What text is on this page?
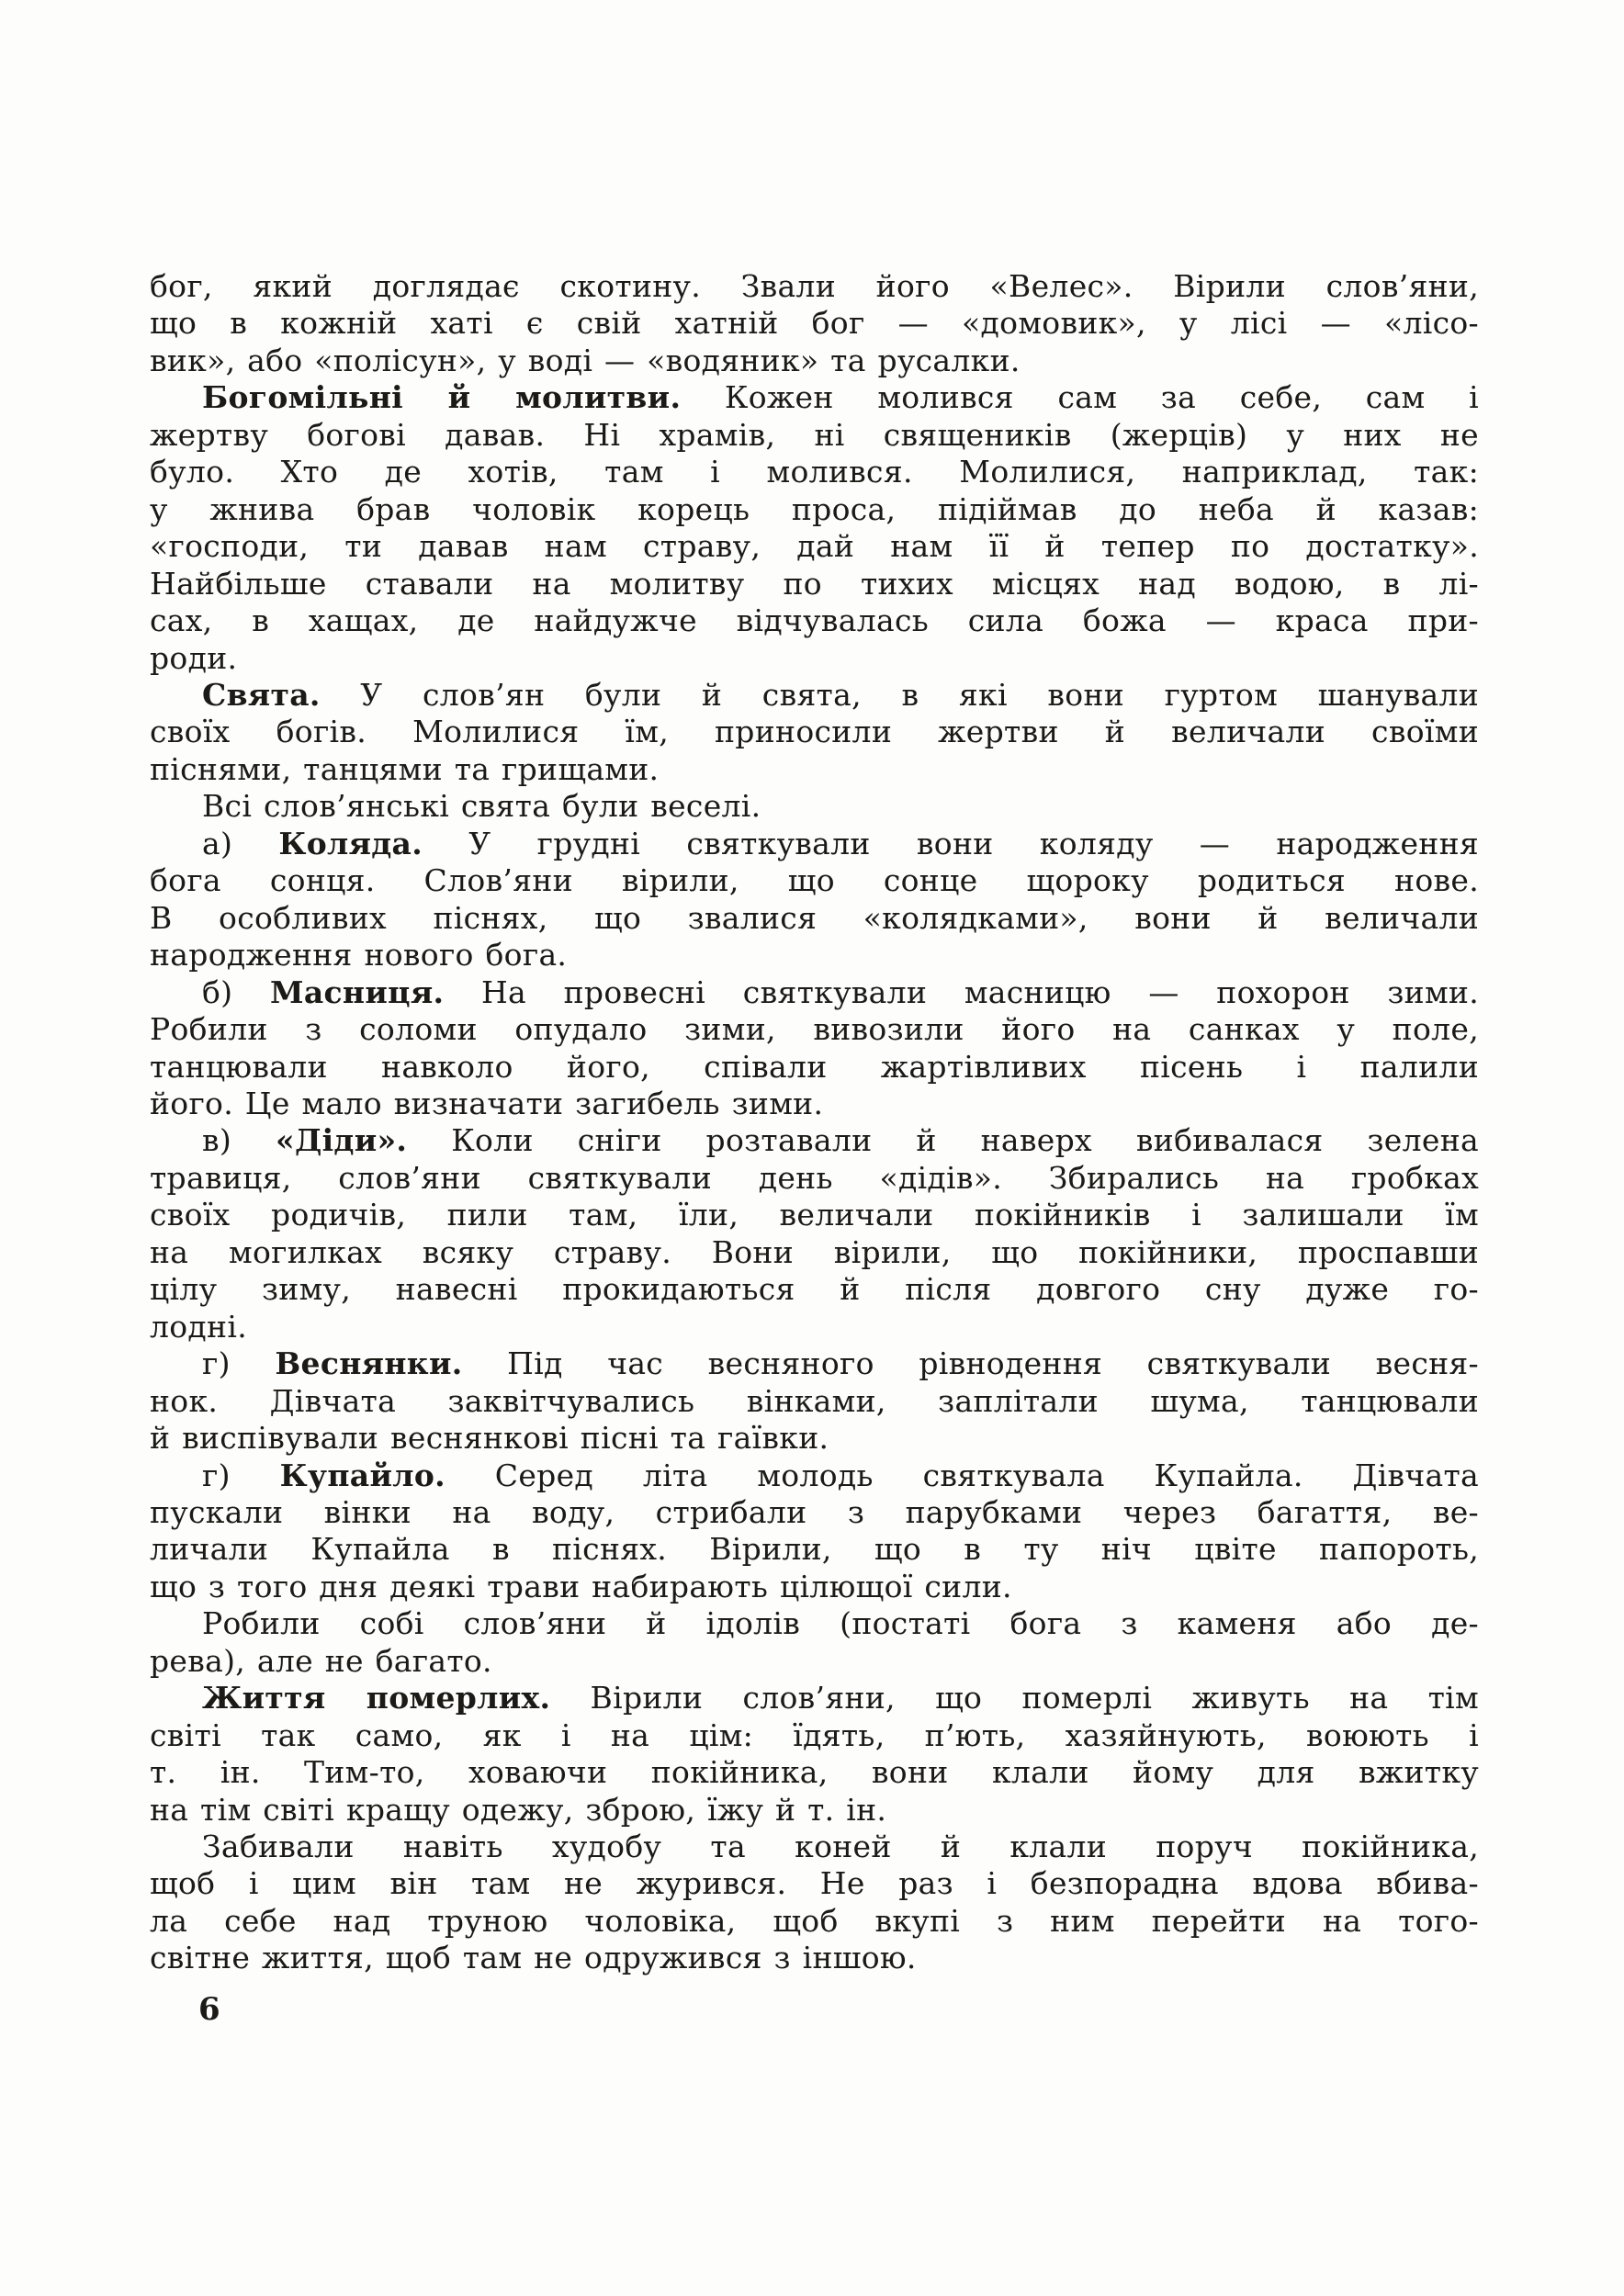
бог, який доглядає скотину. Звали його «Велес». Вірили слов’яни,
що в кожній хаті є свій хатній бог — «домовик», у лісі — «лісо-
вик», або «полісун», у воді — «водяник» та русалки.
Богомільні й молитви. Кожен молився сам за себе, сам і
жертву богові давав. Ні храмів, ні священиків (жерців) у них не
було. Хто де хотів, там і молився. Молилися, наприклад, так:
у жнива брав чоловік корець проса, підіймав до неба й казав:
«господи, ти давав нам страву, дай нам її й тепер по достатку».
Найбільше ставали на молитву по тихих місцях над водою, в лі-
сах, в хащах, де найдужче відчувалась сила божа — краса при-
роди.
Свята. У слов’ян були й свята, в які вони гуртом шанували
своїх богів. Молилися їм, приносили жертви й величали своїми
піснями, танцями та грищами.
Всі слов’янські свята були веселі.
а) Коляда. У грудні святкували вони коляду — народження
бога сонця. Слов’яни вірили, що сонце щороку родиться нове.
В особливих піснях, що звалися «колядками», вони й величали
народження нового бога.
б) Масниця. На провесні святкували масницю — похорон зими.
Робили з соломи опудало зими, вивозили його на санках у поле,
танцювали навколо його, співали жартівливих пісень і палили
його. Це мало визначати загибель зими.
в) «Діди». Коли сніги розтавали й наверх вибивалася зелена
травиця, слов’яни святкували день «дідів». Збирались на гробках
своїх родичів, пили там, їли, величали покійників і залишали їм
на могилках всяку страву. Вони вірили, що покійники, проспавши
цілу зиму, навесні прокидаються й після довгого сну дуже го-
лодні.
г) Веснянки. Під час весняного рівнодення святкували весня-
нок. Дівчата заквітчувались вінками, заплітали шума, танцювали
й виспівували веснянкові пісні та гаївки.
г) Купайло. Серед літа молодь святкувала Купайла. Дівчата
пускали вінки на воду, стрибали з парубками через багаття, ве-
личали Купайла в піснях. Вірили, що в ту ніч цвіте папороть,
що з того дня деякі трави набирають цілющої сили.
Робили собі слов’яни й ідолів (постаті бога з каменя або де-
рева), але не багато.
Життя померлих. Вірили слов’яни, що померлі живуть на тім
світі так само, як і на цім: їдять, п’ють, хазяйнують, воюють і
т. ін. Тим-то, ховаючи покійника, вони клали йому для вжитку
на тім світі кращу одежу, зброю, їжу й т. ін.
Забивали навіть худобу та коней й клали поруч покійника,
щоб і цим він там не журився. Не раз і безпорадна вдова вбива-
ла себе над труною чоловіка, щоб вкупі з ним перейти на того-
світне життя, щоб там не одружився з іншою.
6
